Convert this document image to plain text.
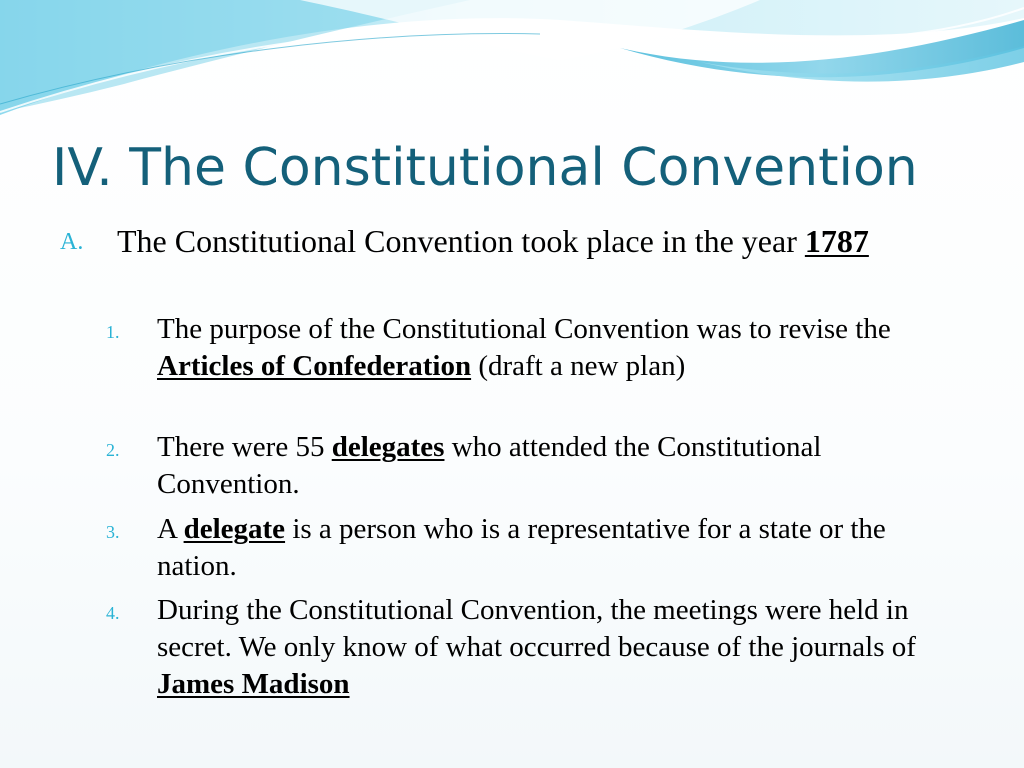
IV. The Constitutional Convention
A. The Constitutional Convention took place in the year 1787

1. The purpose of the Constitutional Convention was to revise the Articles of Confederation (draft a new plan)

2. There were 55 delegates who attended the Constitutional Convention.

3. A delegate is a person who is a representative for a state or the nation.

4. During the Constitutional Convention, the meetings were held in secret. We only know of what occurred because of the journals of James Madison
